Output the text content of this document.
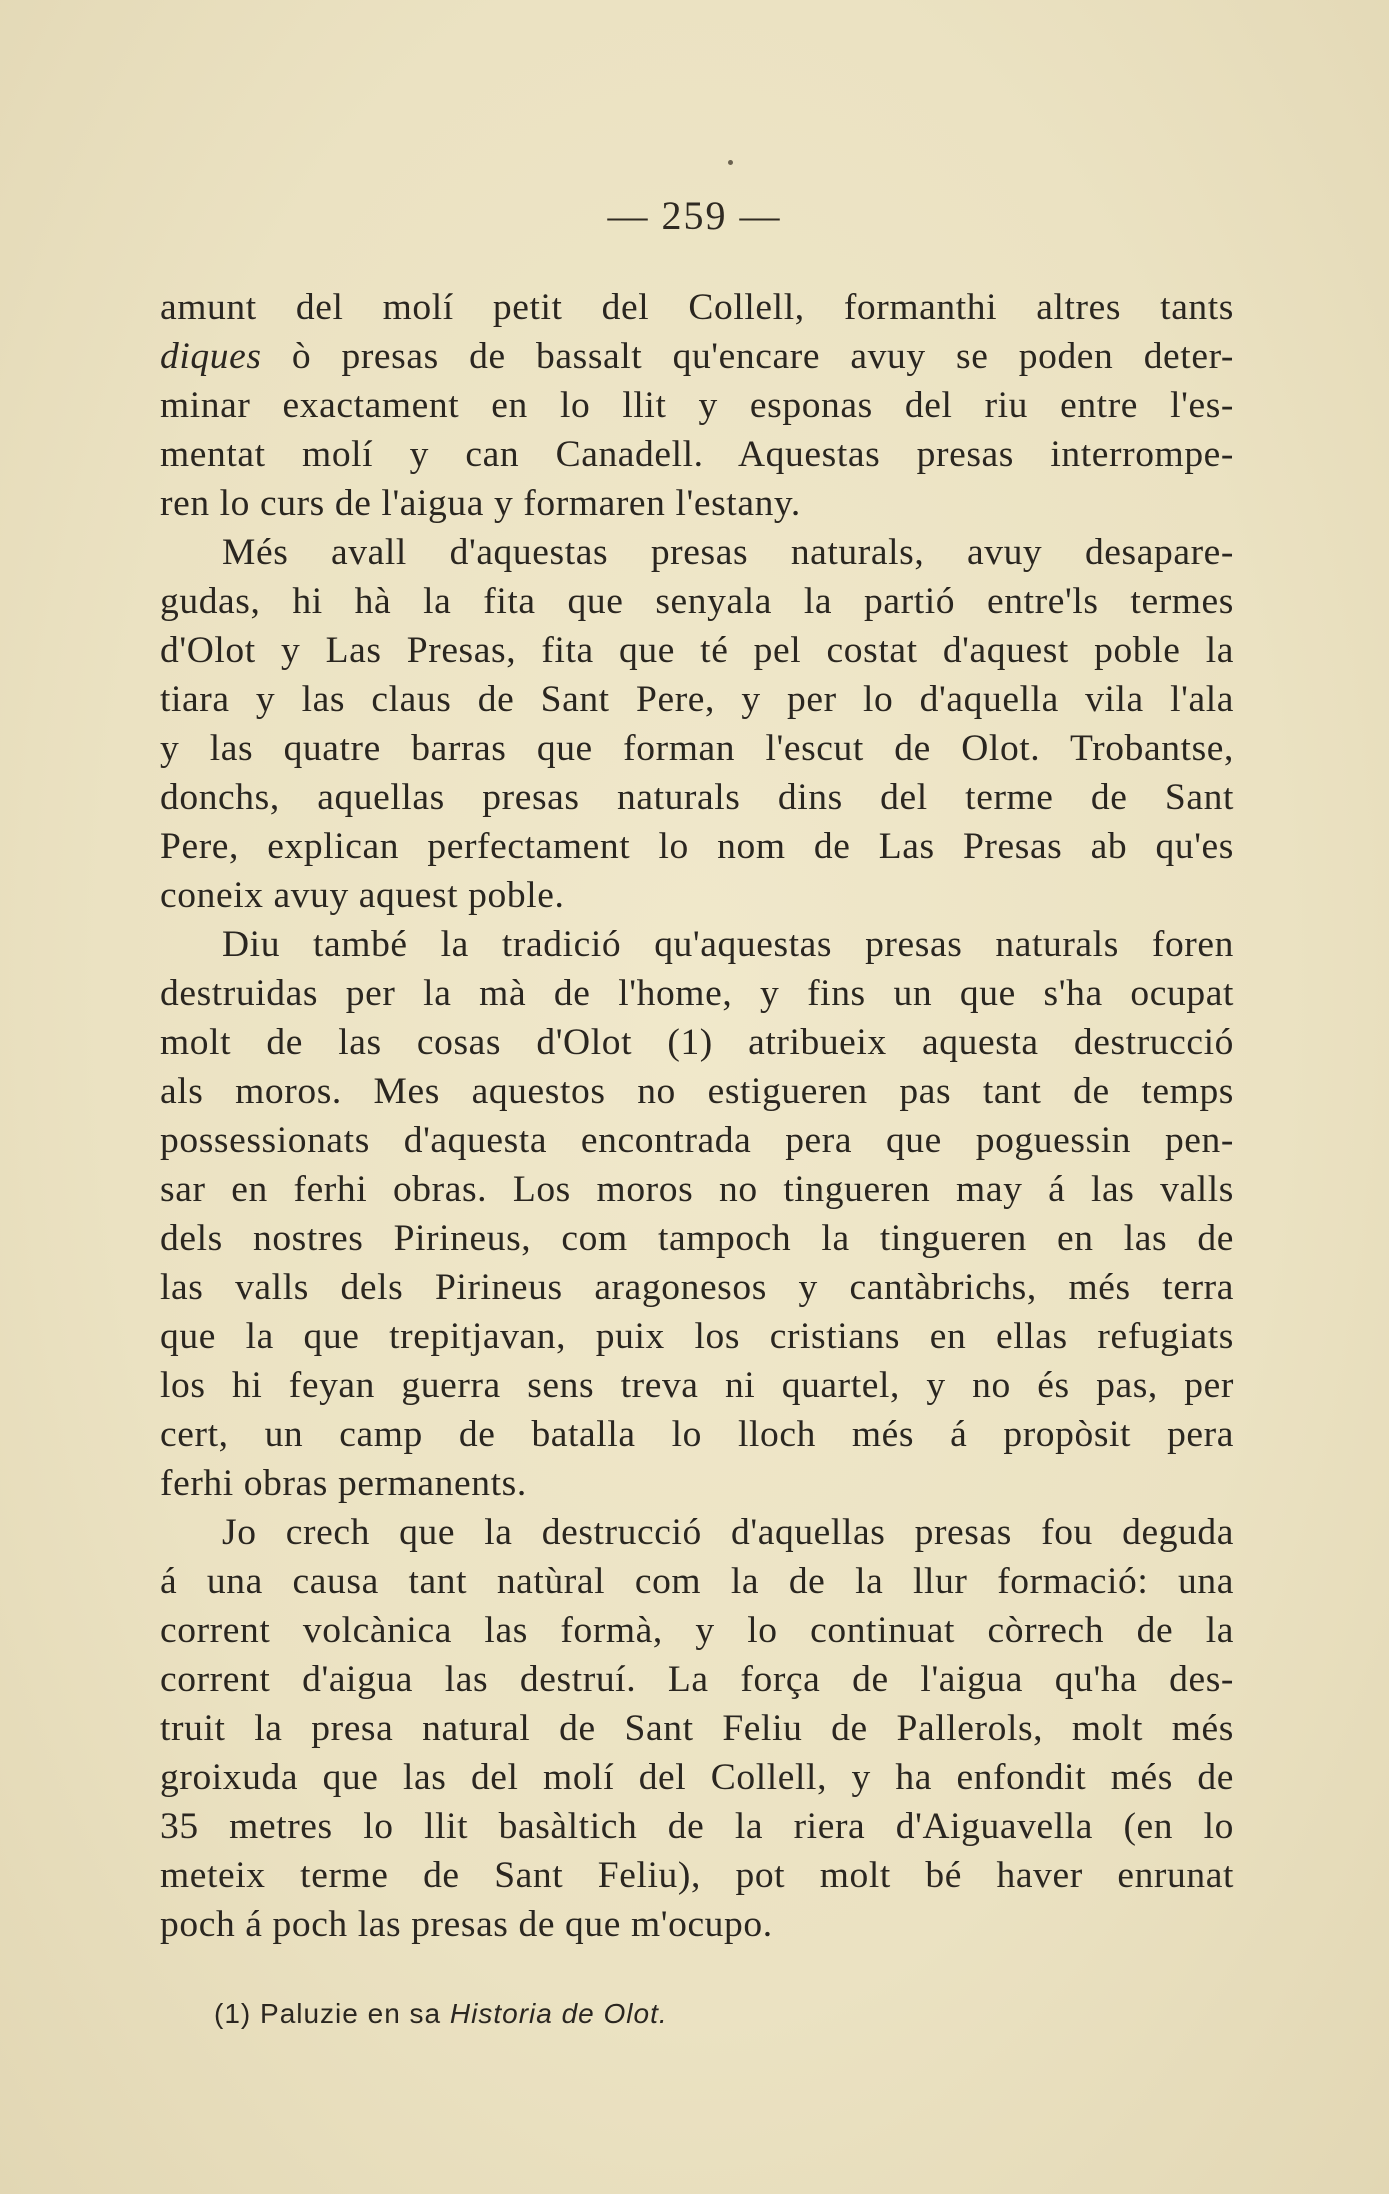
— 259 —
amunt del molí petit del Collell, formanthi altres tants
diques ò presas de bassalt qu'encare avuy se poden deter-
minar exactament en lo llit y esponas del riu entre l'es-
mentat molí y can Canadell. Aquestas presas interrompe-
ren lo curs de l'aigua y formaren l'estany.
Més avall d'aquestas presas naturals, avuy desapare-
gudas, hi hà la fita que senyala la partió entre'ls termes
d'Olot y Las Presas, fita que té pel costat d'aquest poble la
tiara y las claus de Sant Pere, y per lo d'aquella vila l'ala
y las quatre barras que forman l'escut de Olot. Trobantse,
donchs, aquellas presas naturals dins del terme de Sant
Pere, explican perfectament lo nom de Las Presas ab qu'es
coneix avuy aquest poble.
Diu també la tradició qu'aquestas presas naturals foren
destruidas per la mà de l'home, y fins un que s'ha ocupat
molt de las cosas d'Olot (1) atribueix aquesta destrucció
als moros. Mes aquestos no estigueren pas tant de temps
possessionats d'aquesta encontrada pera que poguessin pen-
sar en ferhi obras. Los moros no tingueren may á las valls
dels nostres Pirineus, com tampoch la tingueren en las de
las valls dels Pirineus aragonesos y cantàbrichs, més terra
que la que trepitjavan, puix los cristians en ellas refugiats
los hi feyan guerra sens treva ni quartel, y no és pas, per
cert, un camp de batalla lo lloch més á propòsit pera
ferhi obras permanents.
Jo crech que la destrucció d'aquellas presas fou deguda
á una causa tant natùral com la de la llur formació: una
corrent volcànica las formà, y lo continuat còrrech de la
corrent d'aigua las destruí. La força de l'aigua qu'ha des-
truit la presa natural de Sant Feliu de Pallerols, molt més
groixuda que las del molí del Collell, y ha enfondit més de
35 metres lo llit basàltich de la riera d'Aiguavella (en lo
meteix terme de Sant Feliu), pot molt bé haver enrunat
poch á poch las presas de que m'ocupo.
(1) Paluzie en sa Historia de Olot.
